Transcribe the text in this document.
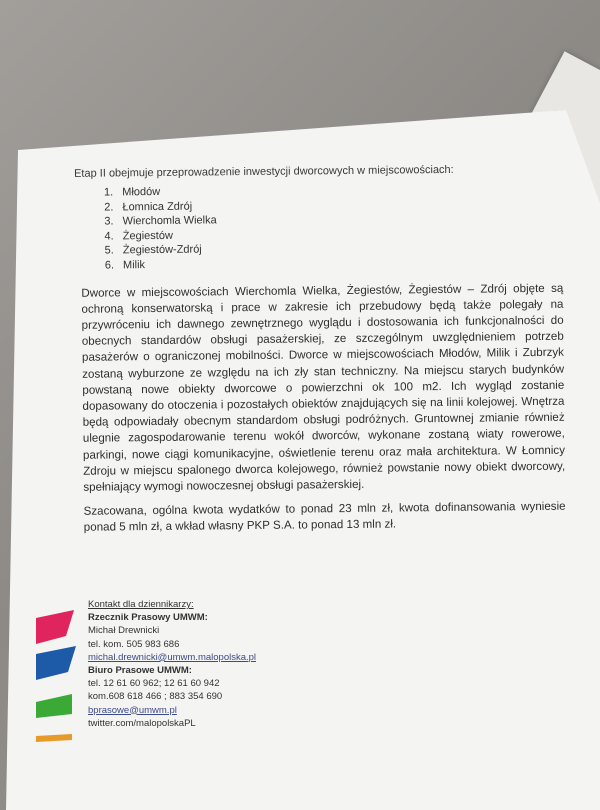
Etap II obejmuje przeprowadzenie inwestycji dworcowych w miejscowościach:

1. Młodów
2. Łomnica Zdrój
3. Wierchomla Wielka
4. Żegiestów
5. Żegiestów-Zdrój
6. Milik

Dworce w miejscowościach Wierchomla Wielka, Żegiestów, Żegiestów – Zdrój objęte są ochroną konserwatorską i prace w zakresie ich przebudowy będą także polegały na przywróceniu ich dawnego zewnętrznego wyglądu i dostosowania ich funkcjonalności do obecnych standardów obsługi pasażerskiej, ze szczególnym uwzględnieniem potrzeb pasażerów o ograniczonej mobilności. Dworce w miejscowościach Młodów, Milik i Zubrzyk zostaną wyburzone ze względu na ich zły stan techniczny. Na miejscu starych budynków powstaną nowe obiekty dworcowe o powierzchni ok 100 m2. Ich wygląd zostanie dopasowany do otoczenia i pozostałych obiektów znajdujących się na linii kolejowej. Wnętrza będą odpowiadały obecnym standardom obsługi podróżnych. Gruntownej zmianie również ulegnie zagospodarowanie terenu wokół dworców, wykonane zostaną wiaty rowerowe, parkingi, nowe ciągi komunikacyjne, oświetlenie terenu oraz mała architektura. W Łomnicy Zdroju w miejscu spalonego dworca kolejowego, również powstanie nowy obiekt dworcowy, spełniający wymogi nowoczesnej obsługi pasażerskiej.

Szacowana, ogólna kwota wydatków to ponad 23 mln zł, kwota dofinansowania wyniesie ponad 5 mln zł, a wkład własny PKP S.A. to ponad 13 mln zł.

Kontakt dla dziennikarzy:
Rzecznik Prasowy UMWM:
Michał Drewnicki
tel. kom. 505 983 686
michal.drewnicki@umwm.malopolska.pl
Biuro Prasowe UMWM:
tel. 12 61 60 962; 12 61 60 942
kom.608 618 466 ; 883 354 690
bprasowe@umwm.pl
twitter.com/malopolskaPL
